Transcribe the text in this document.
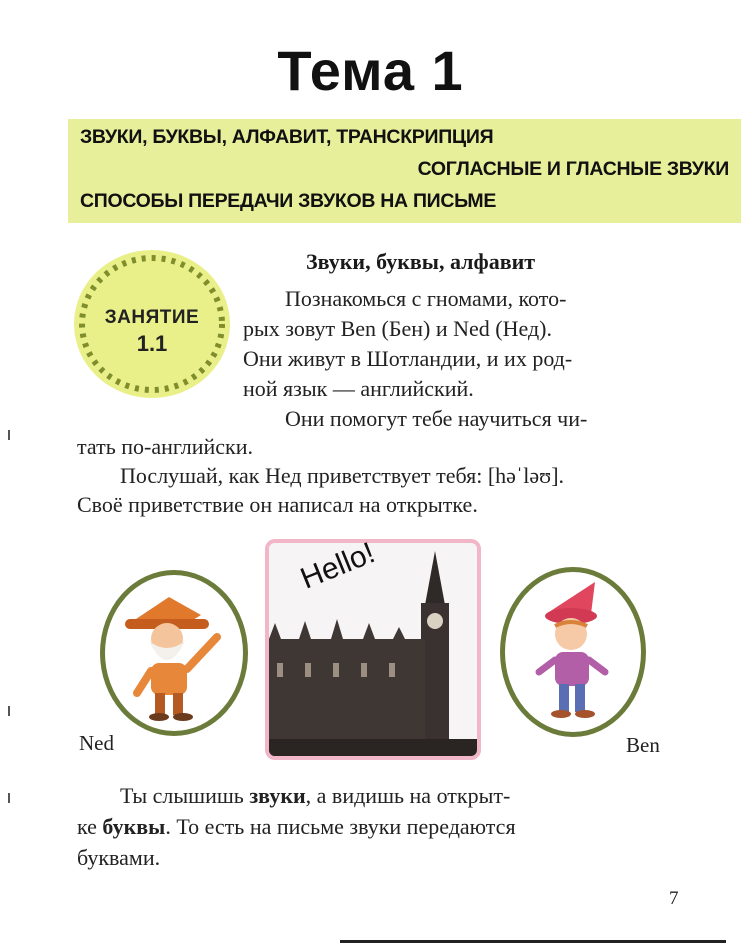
Тема 1
ЗВУКИ, БУКВЫ, АЛФАВИТ, ТРАНСКРИПЦИЯ
СОГЛАСНЫЕ И ГЛАСНЫЕ ЗВУКИ
СПОСОБЫ ПЕРЕДАЧИ ЗВУКОВ НА ПИСЬМЕ
ЗАНЯТИЕ
1.1
Звуки, буквы, алфавит
Познакомься с гномами, кото-
рых зовут Ben (Бен) и Ned (Нед).
Они живут в Шотландии, и их род-
ной язык — английский.
Они помогут тебе научиться чи-
тать по-английски.
Послушай, как Нед приветствует тебя: [həˈləʊ].
Своё приветствие он написал на открытке.
Hello!
Ned	Ben
Ты слышишь звуки, а видишь на открыт-
ке буквы. То есть на письме звуки передаются
буквами.
7
